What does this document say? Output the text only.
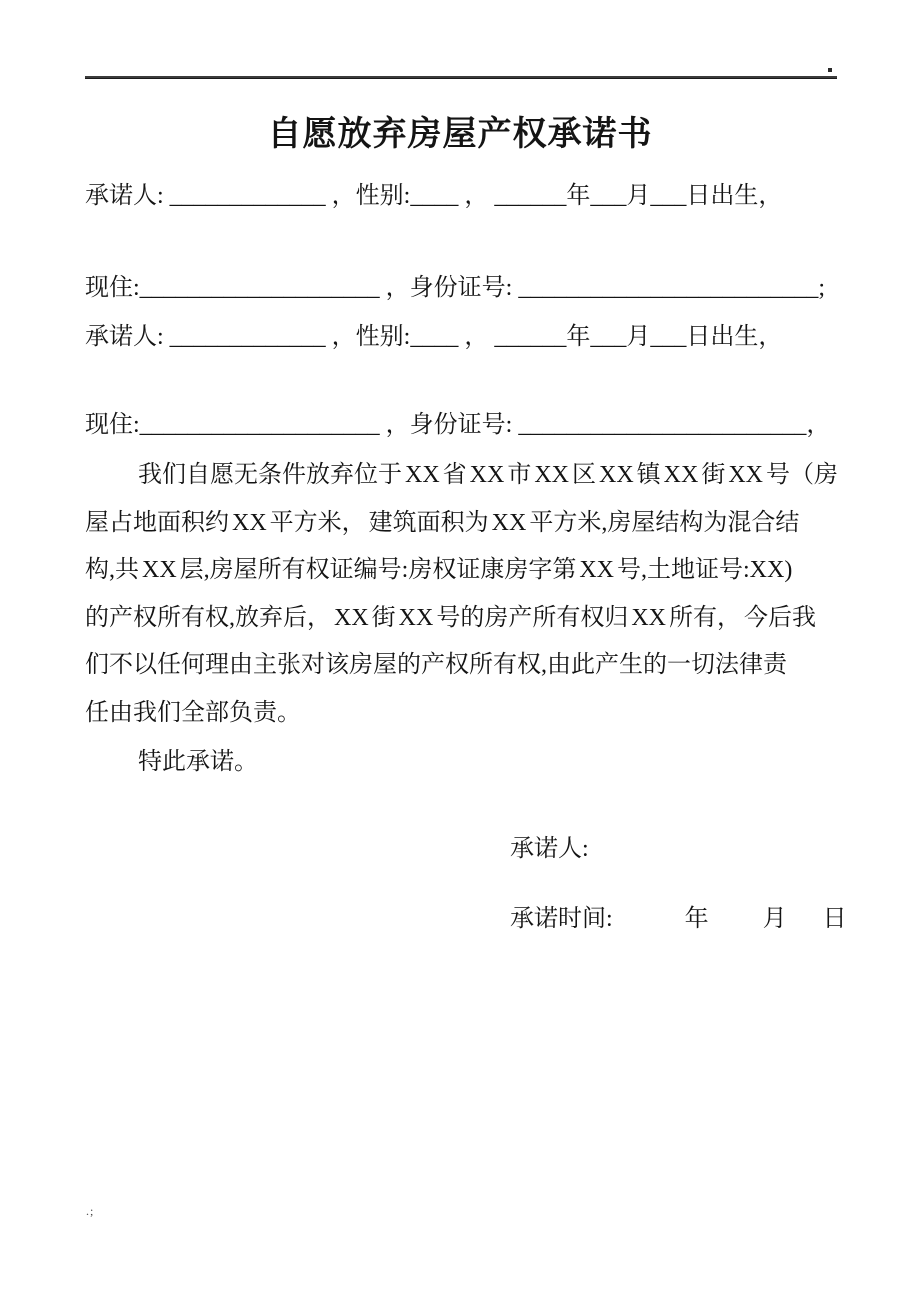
自愿放弃房屋产权承诺书
承诺人: _____________ ，性别:____ ， ______年___月___日出生，
现住:____________________ ，身份证号: _________________________;
承诺人: _____________ ，性别:____ ， ______年___月___日出生，
现住:____________________ ，身份证号: ________________________，
我们自愿无条件放弃位于 XX 省 XX 市 XX 区 XX 镇 XX 街 XX 号（房
屋占地面积约 XX 平方米， 建筑面积为 XX 平方米,房屋结构为混合结
构,共 XX 层,房屋所有权证编号:房权证康房字第 XX 号,土地证号:XX)
的产权所有权,放弃后， XX 街 XX 号的房产所有权归 XX 所有， 今后我
们不以任何理由主张对该房屋的产权所有权,由此产生的一切法律责
任由我们全部负责。
特此承诺。
承诺人:
承诺时间:            年         月      日
.;
